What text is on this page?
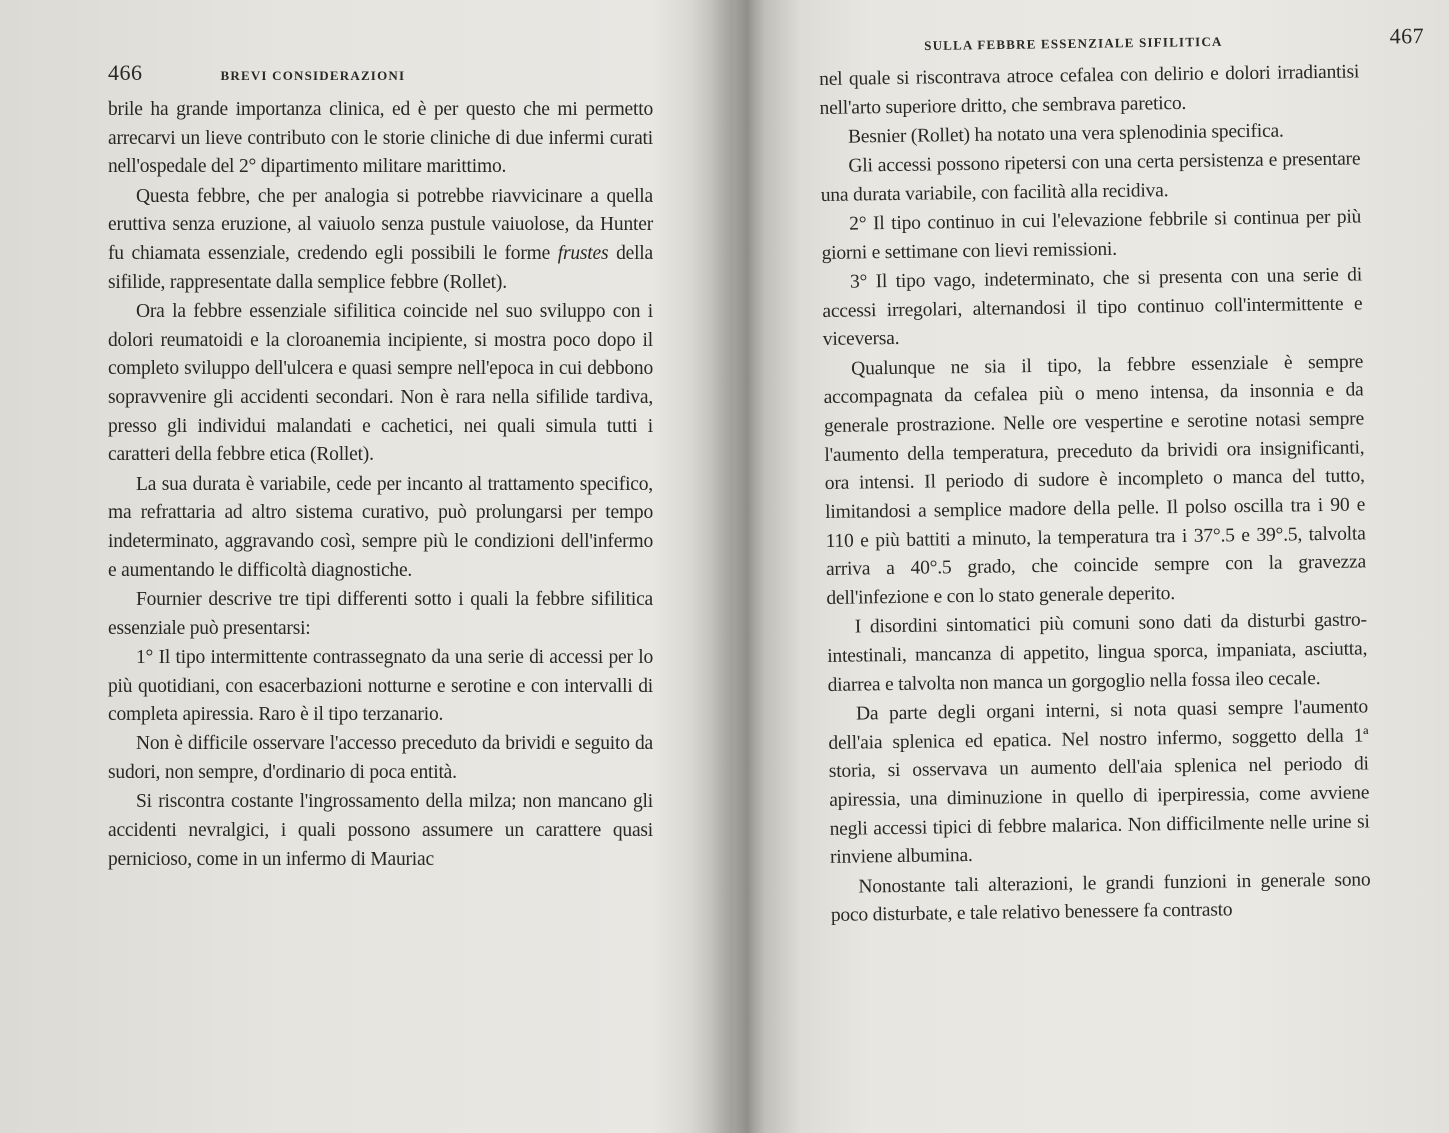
466	BREVI CONSIDERAZIONI

brile ha grande importanza clinica, ed è per questo che mi permetto arrecarvi un lieve contributo con le storie cliniche di due infermi curati nell'ospedale del 2° dipartimento militare marittimo.

Questa febbre, che per analogia si potrebbe riavvicinare a quella eruttiva senza eruzione, al vaiuolo senza pustule vaiuolose, da Hunter fu chiamata essenziale, credendo egli possibili le forme frustes della sifilide, rappresentate dalla semplice febbre (Rollet).

Ora la febbre essenziale sifilitica coincide nel suo sviluppo con i dolori reumatoidi e la cloroanemia incipiente, si mostra poco dopo il completo sviluppo dell'ulcera e quasi sempre nell'epoca in cui debbono sopravvenire gli accidenti secondari. Non è rara nella sifilide tardiva, presso gli individui malandati e cachetici, nei quali simula tutti i caratteri della febbre etica (Rollet).

La sua durata è variabile, cede per incanto al trattamento specifico, ma refrattaria ad altro sistema curativo, può prolungarsi per tempo indeterminato, aggravando così, sempre più le condizioni dell'infermo e aumentando le difficoltà diagnostiche.

Fournier descrive tre tipi differenti sotto i quali la febbre sifilitica essenziale può presentarsi:

1° Il tipo intermittente contrassegnato da una serie di accessi per lo più quotidiani, con esacerbazioni notturne e serotine e con intervalli di completa apiressia. Raro è il tipo terzanario.

Non è difficile osservare l'accesso preceduto da brividi e seguito da sudori, non sempre, d'ordinario di poca entità.

Si riscontra costante l'ingrossamento della milza; non mancano gli accidenti nevralgici, i quali possono assumere un carattere quasi pernicioso, come in un infermo di Mauriac

SULLA FEBBRE ESSENZIALE SIFILITICA	467

nel quale si riscontrava atroce cefalea con delirio e dolori irradiantisi nell'arto superiore dritto, che sembrava paretico.

Besnier (Rollet) ha notato una vera splenodinia specifica.

Gli accessi possono ripetersi con una certa persistenza e presentare una durata variabile, con facilità alla recidiva.

2° Il tipo continuo in cui l'elevazione febbrile si continua per più giorni e settimane con lievi remissioni.

3° Il tipo vago, indeterminato, che si presenta con una serie di accessi irregolari, alternandosi il tipo continuo coll'intermittente e viceversa.

Qualunque ne sia il tipo, la febbre essenziale è sempre accompagnata da cefalea più o meno intensa, da insonnia e da generale prostrazione. Nelle ore vespertine e serotine notasi sempre l'aumento della temperatura, preceduto da brividi ora insignificanti, ora intensi. Il periodo di sudore è incompleto o manca del tutto, limitandosi a semplice madore della pelle. Il polso oscilla tra i 90 e 110 e più battiti a minuto, la temperatura tra i 37°.5 e 39°.5, talvolta arriva a 40°.5 grado, che coincide sempre con la gravezza dell'infezione e con lo stato generale deperito.

I disordini sintomatici più comuni sono dati da disturbi gastro-intestinali, mancanza di appetito, lingua sporca, impaniata, asciutta, diarrea e talvolta non manca un gorgoglio nella fossa ileo cecale.

Da parte degli organi interni, si nota quasi sempre l'aumento dell'aia splenica ed epatica. Nel nostro infermo, soggetto della 1ª storia, si osservava un aumento dell'aia splenica nel periodo di apiressia, una diminuzione in quello di iperpiressia, come avviene negli accessi tipici di febbre malarica. Non difficilmente nelle urine si rinviene albumina.

Nonostante tali alterazioni, le grandi funzioni in generale sono poco disturbate, e tale relativo benessere fa contrasto
